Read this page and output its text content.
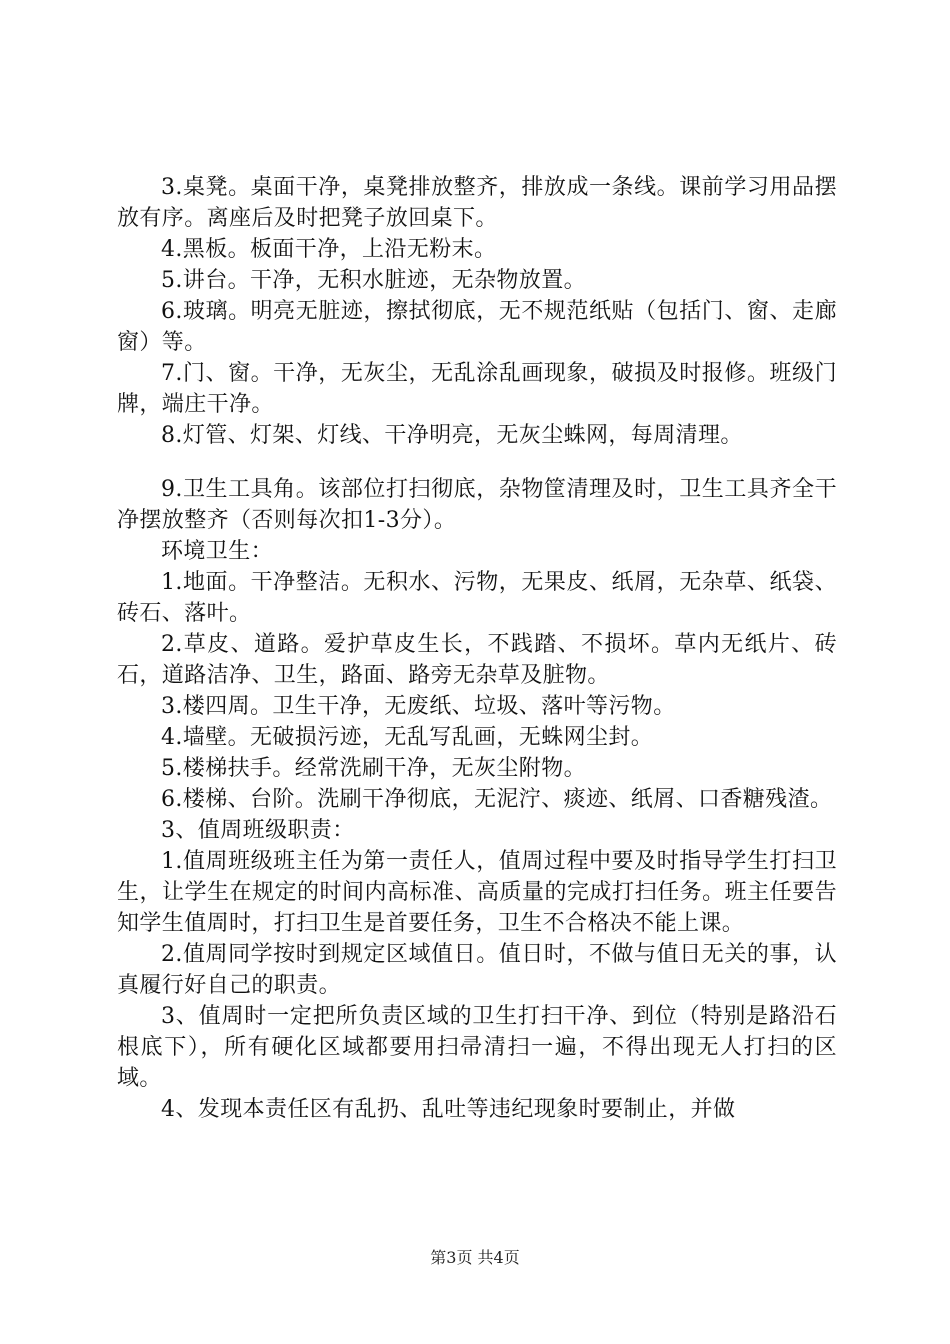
3.桌凳。桌面干净，桌凳排放整齐，排放成一条线。课前学习用品摆放有序。离座后及时把凳子放回桌下。

4.黑板。板面干净，上沿无粉末。

5.讲台。干净，无积水脏迹，无杂物放置。

6.玻璃。明亮无脏迹，擦拭彻底，无不规范纸贴（包括门、窗、走廊窗）等。

7.门、窗。干净，无灰尘，无乱涂乱画现象，破损及时报修。班级门牌，端庄干净。

8.灯管、灯架、灯线、干净明亮，无灰尘蛛网，每周清理。

9.卫生工具角。该部位打扫彻底，杂物筐清理及时，卫生工具齐全干净摆放整齐（否则每次扣1-3分）。

环境卫生：

1.地面。干净整洁。无积水、污物，无果皮、纸屑，无杂草、纸袋、砖石、落叶。

2.草皮、道路。爱护草皮生长，不践踏、不损坏。草内无纸片、砖石，道路洁净、卫生，路面、路旁无杂草及脏物。

3.楼四周。卫生干净，无废纸、垃圾、落叶等污物。

4.墙壁。无破损污迹，无乱写乱画，无蛛网尘封。

5.楼梯扶手。经常洗刷干净，无灰尘附物。

6.楼梯、台阶。洗刷干净彻底，无泥泞、痰迹、纸屑、口香糖残渣。

3、值周班级职责：

1.值周班级班主任为第一责任人，值周过程中要及时指导学生打扫卫生，让学生在规定的时间内高标准、高质量的完成打扫任务。班主任要告知学生值周时，打扫卫生是首要任务，卫生不合格决不能上课。

2.值周同学按时到规定区域值日。值日时，不做与值日无关的事，认真履行好自己的职责。

3、值周时一定把所负责区域的卫生打扫干净、到位（特别是路沿石根底下），所有硬化区域都要用扫帚清扫一遍，不得出现无人打扫的区域。

4、发现本责任区有乱扔、乱吐等违纪现象时要制止，并做

第3页 共4页
